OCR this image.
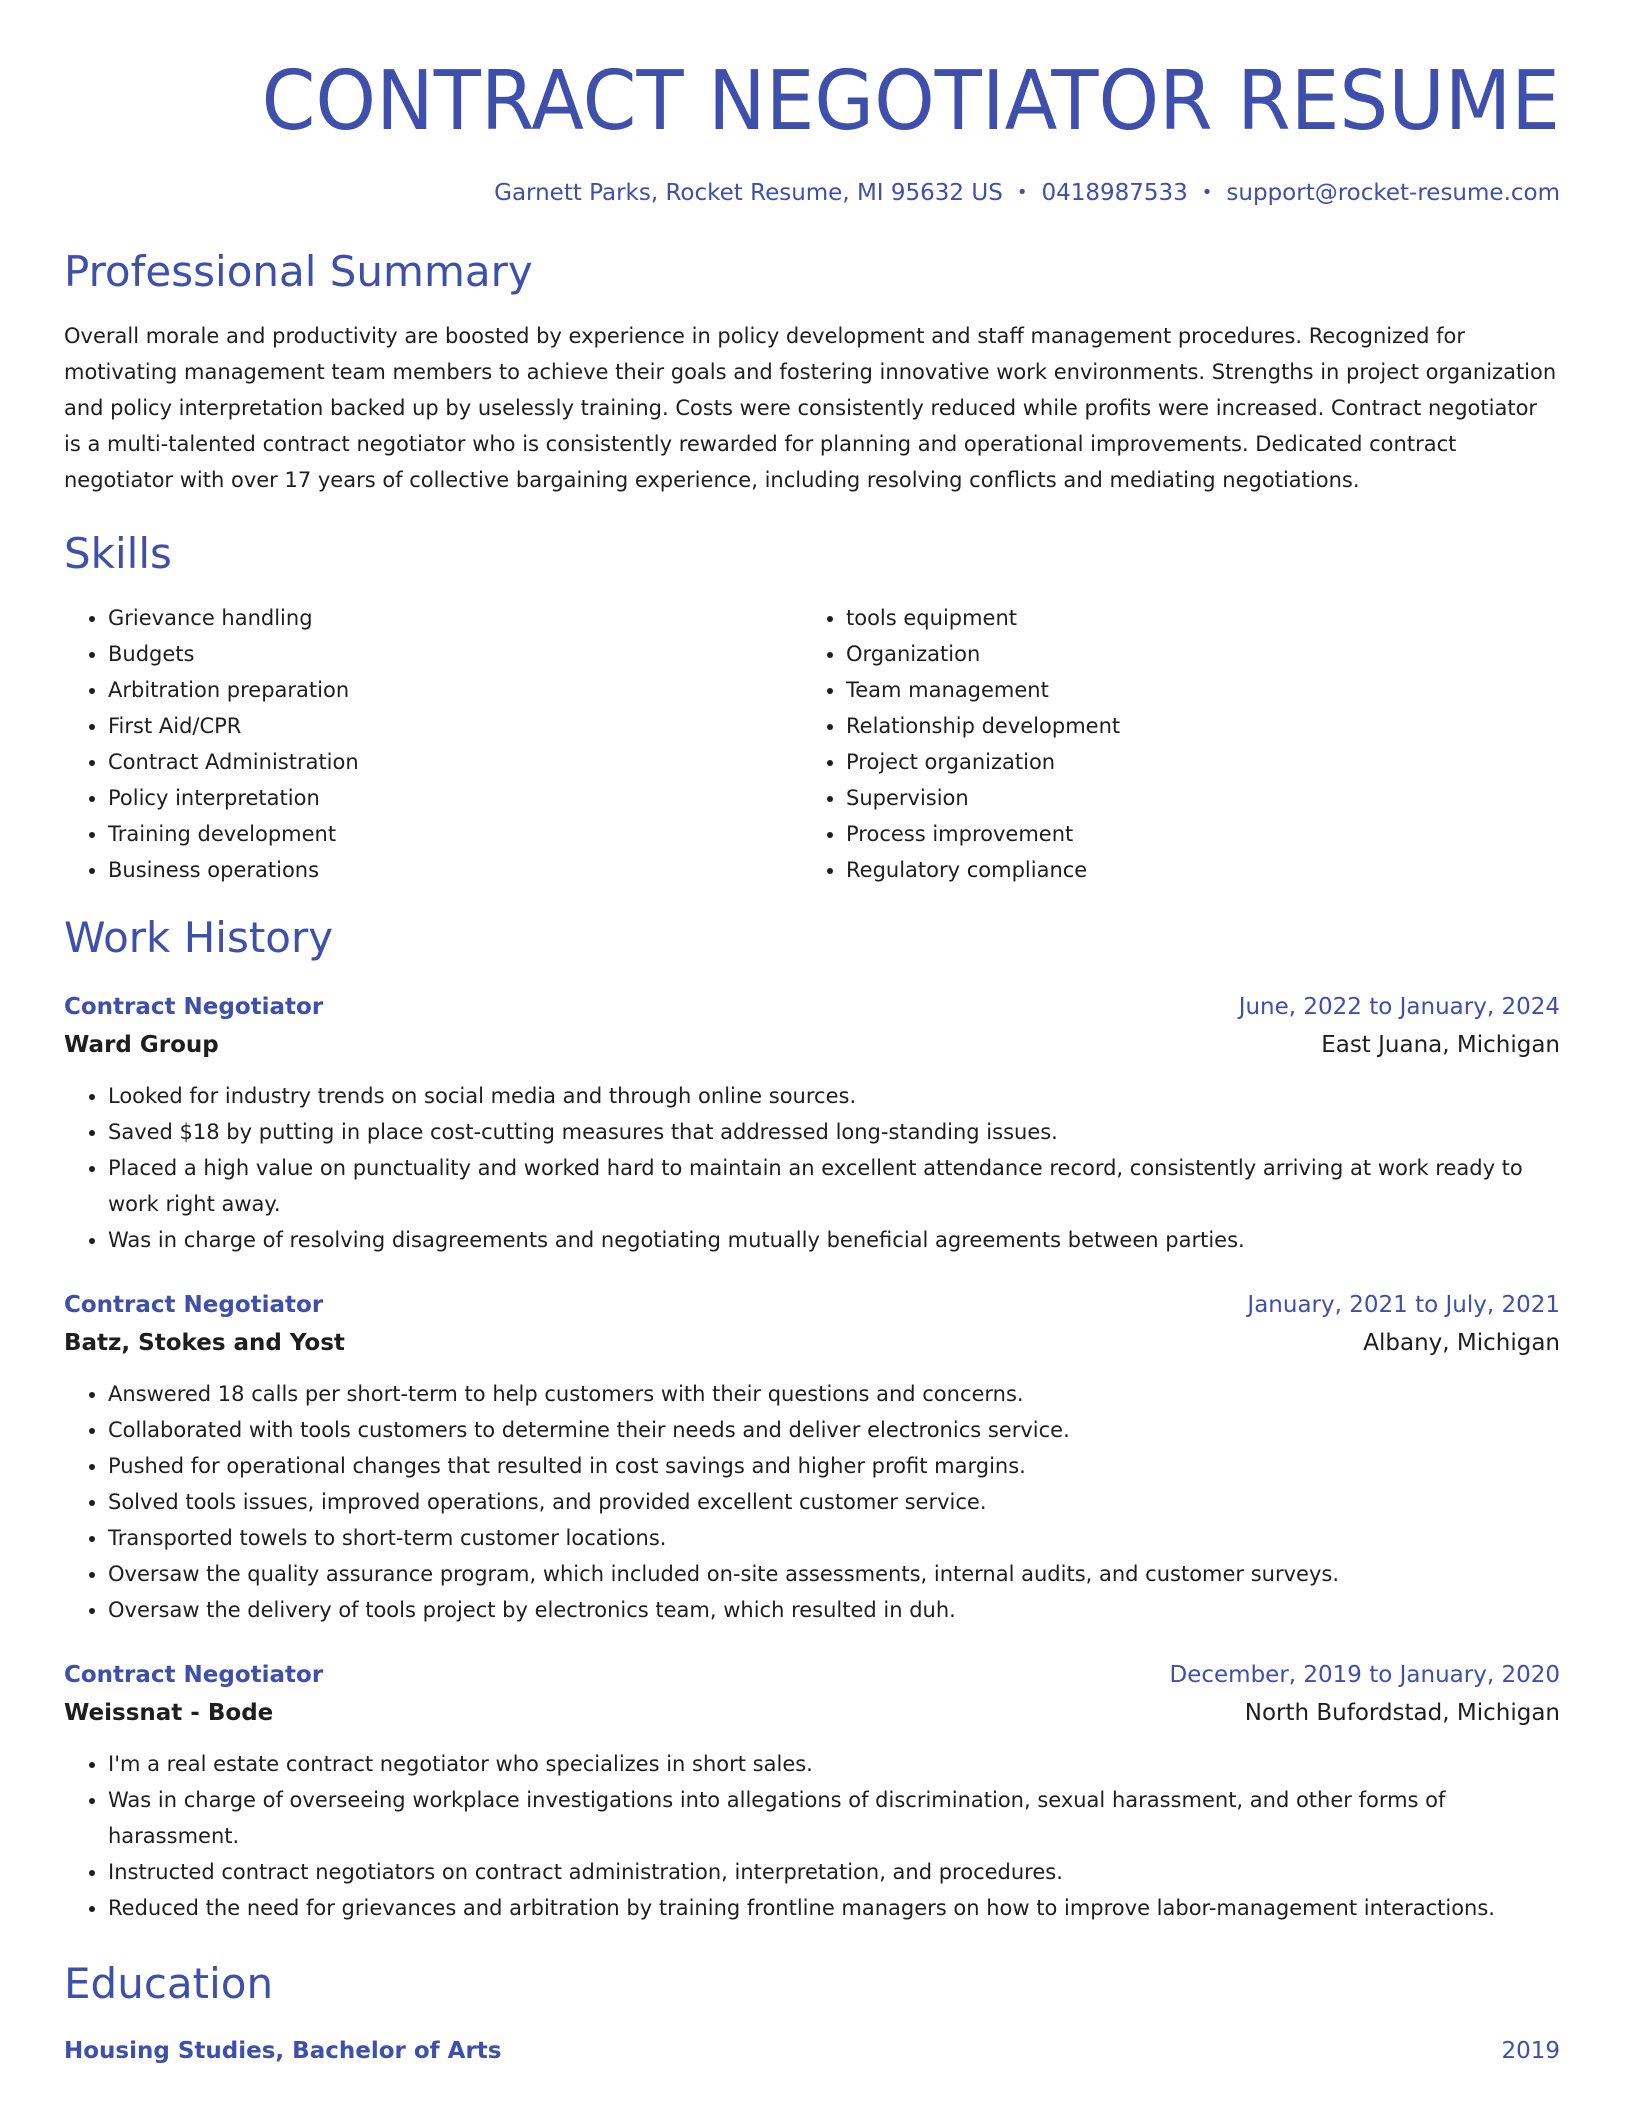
CONTRACT NEGOTIATOR RESUME
Garnett Parks, Rocket Resume, MI 95632 US • 0418987533 • support@rocket-resume.com
Professional Summary
Overall morale and productivity are boosted by experience in policy development and staff management procedures. Recognized for motivating management team members to achieve their goals and fostering innovative work environments. Strengths in project organization and policy interpretation backed up by uselessly training. Costs were consistently reduced while profits were increased. Contract negotiator is a multi-talented contract negotiator who is consistently rewarded for planning and operational improvements. Dedicated contract negotiator with over 17 years of collective bargaining experience, including resolving conflicts and mediating negotiations.
Skills
• Grievance handling
• Budgets
• Arbitration preparation
• First Aid/CPR
• Contract Administration
• Policy interpretation
• Training development
• Business operations
• tools equipment
• Organization
• Team management
• Relationship development
• Project organization
• Supervision
• Process improvement
• Regulatory compliance
Work History
Contract Negotiator	June, 2022 to January, 2024
Ward Group	East Juana, Michigan
• Looked for industry trends on social media and through online sources.
• Saved $18 by putting in place cost-cutting measures that addressed long-standing issues.
• Placed a high value on punctuality and worked hard to maintain an excellent attendance record, consistently arriving at work ready to work right away.
• Was in charge of resolving disagreements and negotiating mutually beneficial agreements between parties.
Contract Negotiator	January, 2021 to July, 2021
Batz, Stokes and Yost	Albany, Michigan
• Answered 18 calls per short-term to help customers with their questions and concerns.
• Collaborated with tools customers to determine their needs and deliver electronics service.
• Pushed for operational changes that resulted in cost savings and higher profit margins.
• Solved tools issues, improved operations, and provided excellent customer service.
• Transported towels to short-term customer locations.
• Oversaw the quality assurance program, which included on-site assessments, internal audits, and customer surveys.
• Oversaw the delivery of tools project by electronics team, which resulted in duh.
Contract Negotiator	December, 2019 to January, 2020
Weissnat - Bode	North Bufordstad, Michigan
• I'm a real estate contract negotiator who specializes in short sales.
• Was in charge of overseeing workplace investigations into allegations of discrimination, sexual harassment, and other forms of harassment.
• Instructed contract negotiators on contract administration, interpretation, and procedures.
• Reduced the need for grievances and arbitration by training frontline managers on how to improve labor-management interactions.
Education
Housing Studies, Bachelor of Arts	2019
